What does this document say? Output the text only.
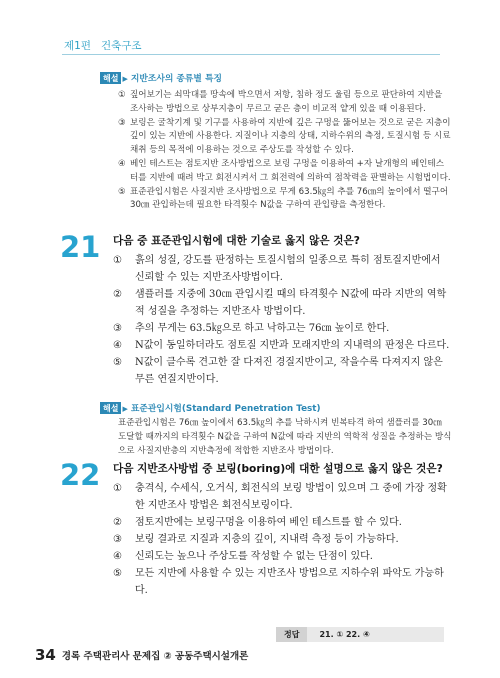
제1편 건축구조
해설 ▶ 지반조사의 종류별 특징
① 짚어보기는 쇠막대를 땅속에 박으면서 저항, 침하 정도 울림 등으로 판단하여 지반을 조사하는 방법으로 상부지층이 무르고 굳은 층이 비교적 얕게 있을 때 이용된다.
③ 보링은 굴착기계 및 기구를 사용하여 지반에 깊은 구멍을 뚫어보는 것으로 굳은 지층이 깊이 있는 지반에 사용한다. 지질이나 지층의 상태, 지하수위의 측정, 토질시험 등 시료채취 등의 목적에 이용하는 것으로 주상도를 작성할 수 있다.
④ 베인 테스트는 점토지반 조사방법으로 보링 구멍을 이용하여 +자 날개형의 베인테스터를 지반에 때려 박고 회전시켜서 그 회전력에 의하여 점착력을 판별하는 시험법이다.
⑤ 표준관입시험은 사질지반 조사방법으로 무게 63.5㎏의 추를 76㎝의 높이에서 떨구어 30㎝ 관입하는데 필요한 타격횟수 N값을 구하여 관입량을 측정한다.
21 다음 중 표준관입시험에 대한 기술로 옳지 않은 것은?
①	흙의 성질, 강도를 판정하는 토질시험의 일종으로 특히 점토질지반에서 신뢰할 수 있는 지반조사방법이다.
②	샘플러를 지중에 30㎝ 관입시킬 때의 타격횟수 N값에 따라 지반의 역학적 성질을 추정하는 지반조사 방법이다.
③	추의 무게는 63.5㎏으로 하고 낙하고는 76㎝ 높이로 한다.
④	N값이 동일하더라도 점토질 지반과 모래지반의 지내력의 판정은 다르다.
⑤	N값이 클수록 견고한 잘 다져진 경질지반이고, 작을수록 다져지지 않은 무른 연질지반이다.
해설 ▶ 표준관입시험(Standard Penetration Test)
표준관입시험은 76㎝ 높이에서 63.5㎏의 추를 낙하시켜 빈복타격 하여 샘플러를 30㎝ 도달할 때까지의 타격횟수 N값을 구하여 N값에 따라 지반의 역학적 성질을 추정하는 방식으로 사질지반층의 지반측정에 적합한 지반조사 방법이다.
22 다음 지반조사방법 중 보링(boring)에 대한 설명으로 옳지 않은 것은?
①	충격식, 수세식, 오거식, 회전식의 보링 방법이 있으며 그 중에 가장 정확한 지반조사 방법은 회전식보링이다.
②	점토지반에는 보링구멍을 이용하여 베인 테스트를 할 수 있다.
③	보링 결과로 지질과 지층의 깊이, 지내력 측정 등이 가능하다.
④	신뢰도는 높으나 주상도를 작성할 수 없는 단점이 있다.
⑤	모든 지반에 사용할 수 있는 지반조사 방법으로 지하수위 파악도 가능하다.
정답	21. ① 22. ④
34 경록 주택관리사 문제집 ② 공동주택시설개론
